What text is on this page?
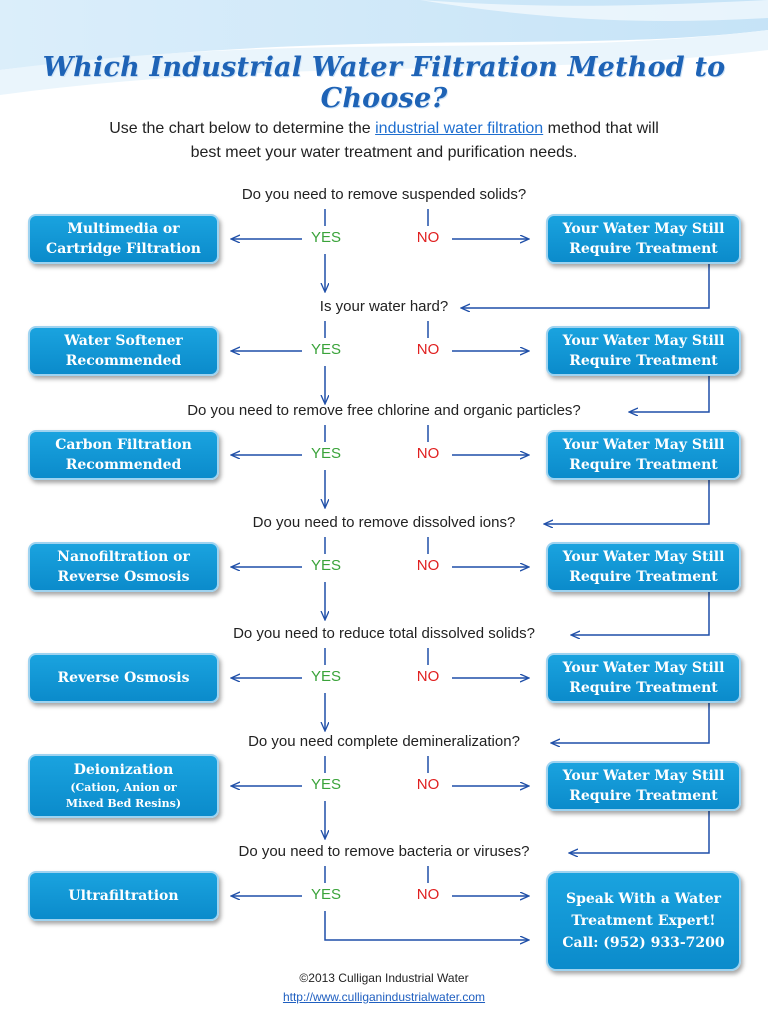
Which Industrial Water Filtration Method to Choose?
Use the chart below to determine the industrial water filtration method that will
best meet your water treatment and purification needs.
Do you need to remove suspended solids?
Multimedia or
Cartridge Filtration
Your Water May Still
Require Treatment
YES	NO
Is your water hard?
Water Softener
Recommended
Your Water May Still
Require Treatment
YES	NO
Do you need to remove free chlorine and organic particles?
Carbon Filtration
Recommended
Your Water May Still
Require Treatment
YES	NO
Do you need to remove dissolved ions?
Nanofiltration or
Reverse Osmosis
Your Water May Still
Require Treatment
YES	NO
Do you need to reduce total dissolved solids?
Reverse Osmosis
Your Water May Still
Require Treatment
YES	NO
Do you need complete demineralization?
Deionization
(Cation, Anion or
Mixed Bed Resins)
Your Water May Still
Require Treatment
YES	NO
Do you need to remove bacteria or viruses?
Ultrafiltration	Speak With a Water
Treatment Expert!
Call: (952) 933-7200
YES	NO
©2013 Culligan Industrial Water
http://www.culliganindustrialwater.com
